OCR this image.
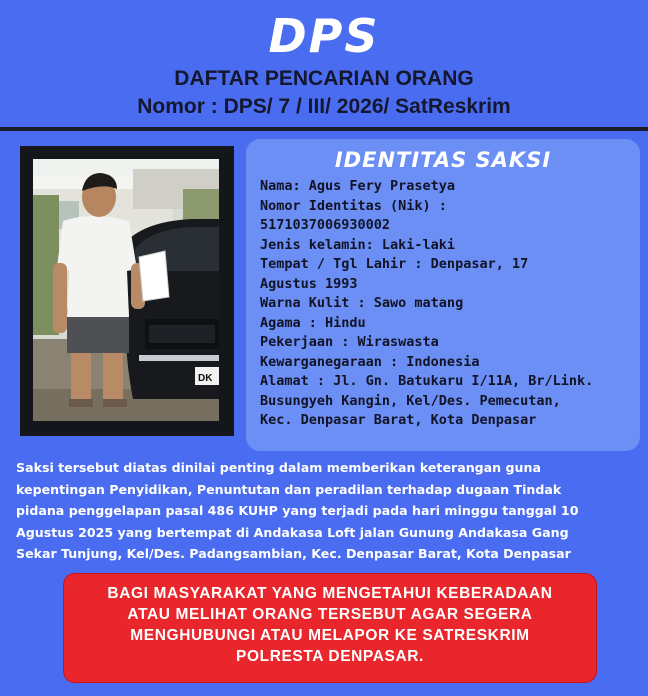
DPS
DAFTAR PENCARIAN ORANG
Nomor : DPS/ 7 / III/ 2026/ SatReskrim
DK
IDENTITAS SAKSI
Nama: Agus Fery Prasetya
Nomor Identitas (Nik) :
5171037006930002
Jenis kelamin: Laki-laki
Tempat / Tgl Lahir : Denpasar, 17
Agustus 1993
Warna Kulit : Sawo matang
Agama : Hindu
Pekerjaan : Wiraswasta
Kewarganegaraan : Indonesia
Alamat : Jl. Gn. Batukaru I/11A, Br/Link.
Busungyeh Kangin, Kel/Des. Pemecutan,
Kec. Denpasar Barat, Kota Denpasar
Saksi tersebut diatas dinilai penting dalam memberikan keterangan guna
kepentingan Penyidikan, Penuntutan dan peradilan terhadap dugaan Tindak
pidana penggelapan pasal 486 KUHP yang terjadi pada hari minggu tanggal 10
Agustus 2025 yang bertempat di Andakasa Loft jalan Gunung Andakasa Gang
Sekar Tunjung, Kel/Des. Padangsambian, Kec. Denpasar Barat, Kota Denpasar
BAGI MASYARAKAT YANG MENGETAHUI KEBERADAAN
ATAU MELIHAT ORANG TERSEBUT AGAR SEGERA
MENGHUBUNGI ATAU MELAPOR KE SATRESKRIM
POLRESTA DENPASAR.
